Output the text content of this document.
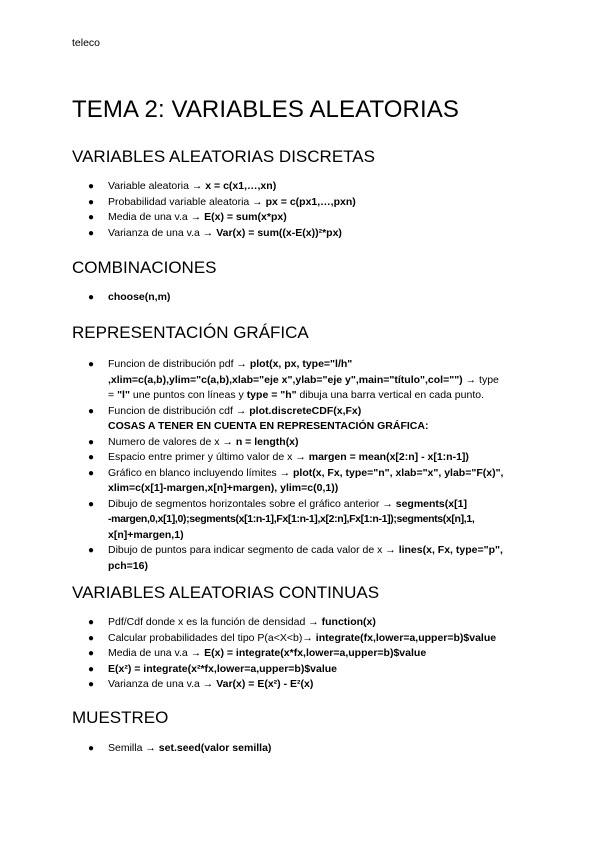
teleco
TEMA 2: VARIABLES ALEATORIAS
VARIABLES ALEATORIAS DISCRETAS
● Variable aleatoria → x = c(x1,…,xn)
● Probabilidad variable aleatoria → px = c(px1,…,pxn)
● Media de una v.a → E(x) = sum(x*px)
● Varianza de una v.a → Var(x) = sum((x-E(x))²*px)
COMBINACIONES
● choose(n,m)
REPRESENTACIÓN GRÁFICA
● Funcion de distribución pdf → plot(x, px, type="l/h"
,xlim=c(a,b),ylim="c(a,b),xlab="eje x",ylab="eje y",main="título",col="") → type
= "l" une puntos con líneas y type = "h" dibuja una barra vertical en cada punto.
● Funcion de distribución cdf → plot.discreteCDF(x,Fx)
COSAS A TENER EN CUENTA EN REPRESENTACIÓN GRÁFICA:
● Numero de valores de x → n = length(x)
● Espacio entre primer y último valor de x → margen = mean(x[2:n] - x[1:n-1])
● Gráfico en blanco incluyendo límites → plot(x, Fx, type="n", xlab="x", ylab="F(x)",
xlim=c(x[1]-margen,x[n]+margen), ylim=c(0,1))
● Dibujo de segmentos horizontales sobre el gráfico anterior → segments(x[1]
-margen,0,x[1],0);segments(x[1:n-1],Fx[1:n-1],x[2:n],Fx[1:n-1]);segments(x[n],1,
x[n]+margen,1)
● Dibujo de puntos para indicar segmento de cada valor de x → lines(x, Fx, type="p",
pch=16)
VARIABLES ALEATORIAS CONTINUAS
● Pdf/Cdf donde x es la función de densidad → function(x)
● Calcular probabilidades del tipo P(a<X<b)→ integrate(fx,lower=a,upper=b)$value
● Media de una v.a → E(x) = integrate(x*fx,lower=a,upper=b)$value
● E(x²) = integrate(x²*fx,lower=a,upper=b)$value
● Varianza de una v.a → Var(x) = E(x²) - E²(x)
MUESTREO
● Semilla → set.seed(valor semilla)
